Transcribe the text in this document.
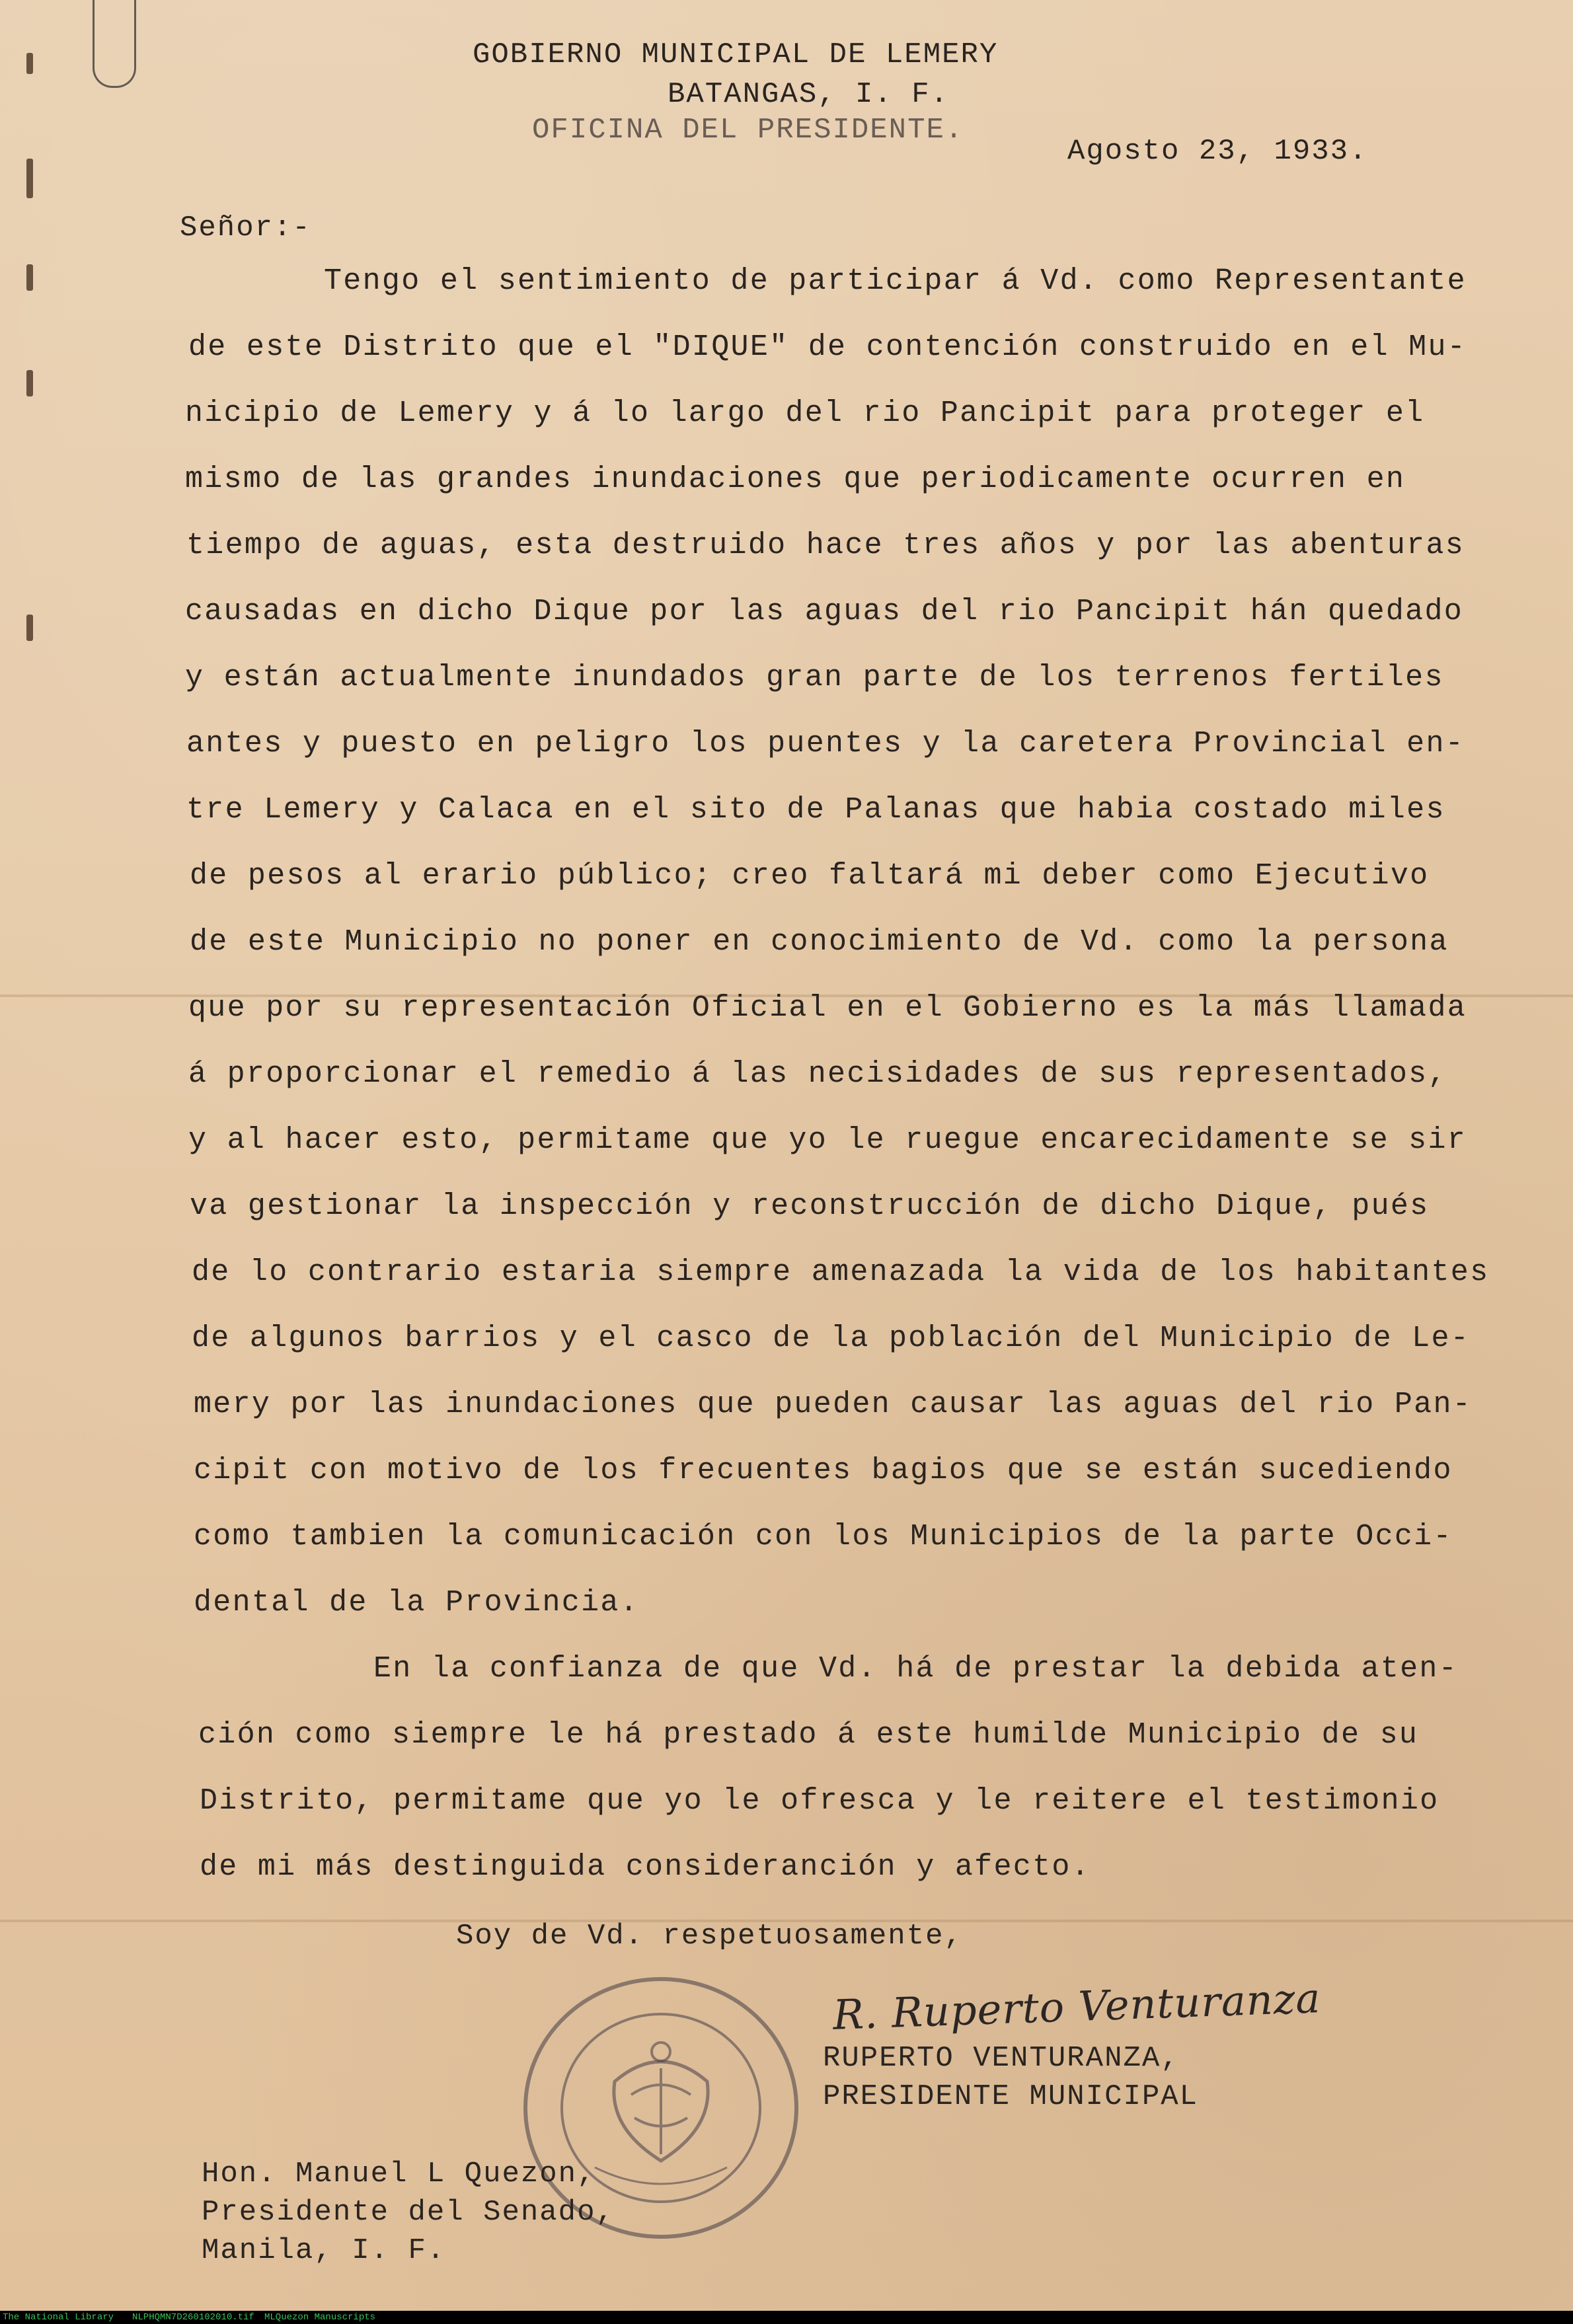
GOBIERNO MUNICIPAL DE LEMERY
BATANGAS, I. F.
OFICINA DEL PRESIDENTE.
Agosto 23, 1933.
Señor:-
Tengo el sentimiento de participar á Vd. como Representante
de este Distrito que el "DIQUE" de contención construido en el Mu-
nicipio de Lemery y á lo largo del rio Pancipit para proteger el
mismo de las grandes inundaciones que periodicamente ocurren en
tiempo de aguas, esta destruido hace tres años y por las abenturas
causadas en dicho Dique por las aguas del rio Pancipit hán quedado
y están actualmente inundados gran parte de los terrenos fertiles
antes y puesto en peligro los puentes y la caretera Provincial en-
tre Lemery y Calaca en el sito de Palanas que habia costado miles
de pesos al erario público; creo faltará mi deber como Ejecutivo
de este Municipio no poner en conocimiento de Vd. como la persona
que por su representación Oficial en el Gobierno es la más llamada
á proporcionar el remedio á las necisidades de sus representados,
y al hacer esto, permitame que yo le ruegue encarecidamente se sir
va gestionar la inspección y reconstrucción de dicho Dique, pués
de lo contrario estaria siempre amenazada la vida de los habitantes
de algunos barrios y el casco de la población del Municipio de Le-
mery por las inundaciones que pueden causar las aguas del rio Pan-
cipit con motivo de los frecuentes bagios que se están sucediendo
como tambien la comunicación con los Municipios de la parte Occi-
dental de la Provincia.
En la confianza de que Vd. há de prestar la debida aten-
ción como siempre le há prestado á este humilde Municipio de su
Distrito, permitame que yo le ofresca y le reitere el testimonio
de mi más destinguida consideranción y afecto.
Soy de Vd. respetuosamente,
R. Ruperto Venturanza
RUPERTO VENTURANZA,
PRESIDENTE MUNICIPAL
Hon. Manuel L Quezon,
Presidente del Senado,
Manila, I. F.
The National Library NLPHQMN7D260102010.tif MLQuezon Manuscripts
